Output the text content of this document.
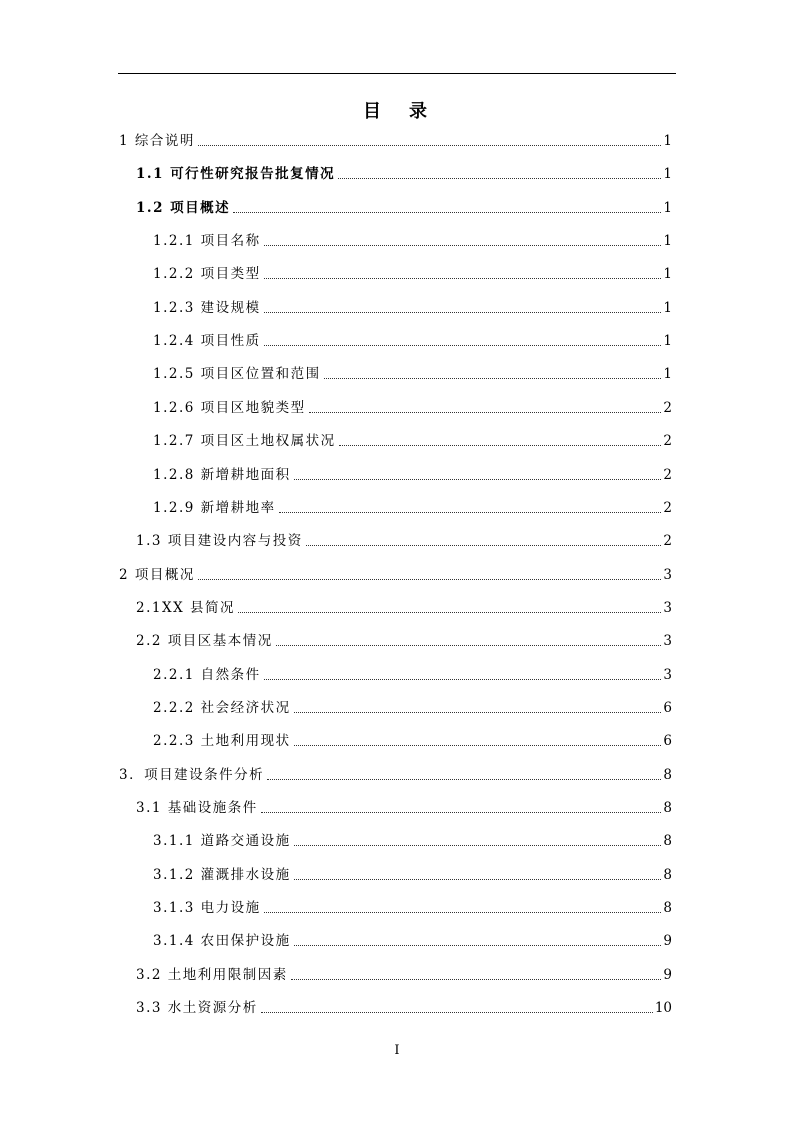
目 录
1 综合说明	1
1.1 可行性研究报告批复情况	1
1.2 项目概述	1
1.2.1 项目名称	1
1.2.2 项目类型	1
1.2.3 建设规模	1
1.2.4 项目性质	1
1.2.5 项目区位置和范围	1
1.2.6 项目区地貌类型	2
1.2.7 项目区土地权属状况	2
1.2.8 新增耕地面积	2
1.2.9 新增耕地率	2
1.3 项目建设内容与投资	2
2 项目概况	3
2.1XX 县简况	3
2.2 项目区基本情况	3
2.2.1 自然条件	3
2.2.2 社会经济状况	6
2.2.3 土地利用现状	6
3．项目建设条件分析	8
3.1 基础设施条件	8
3.1.1 道路交通设施	8
3.1.2 灌溉排水设施	8
3.1.3 电力设施	8
3.1.4 农田保护设施	9
3.2 土地利用限制因素	9
3.3 水土资源分析	10
I
